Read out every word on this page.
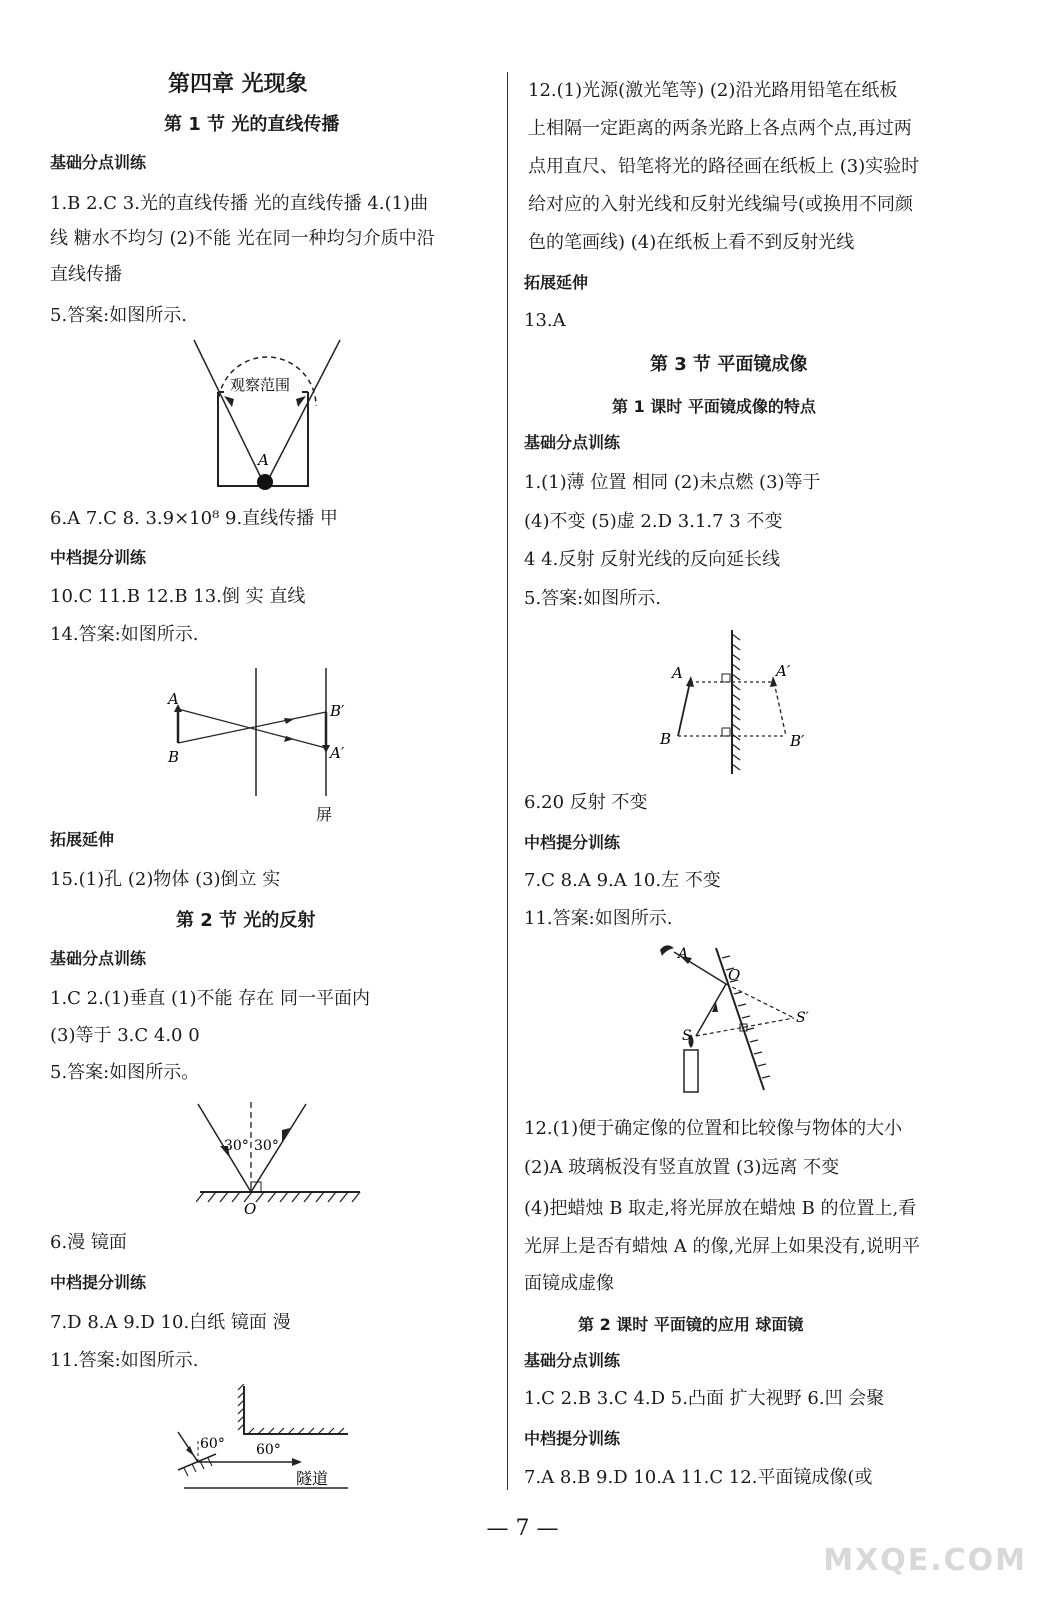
第四章 光现象
第 1 节 光的直线传播
基础分点训练
1.B 2.C 3.光的直线传播 光的直线传播 4.(1)曲
线 糖水不均匀 (2)不能 光在同一种均匀介质中沿
直线传播
5.答案:如图所示.
观察范围
A
6.A 7.C 8. 3.9×10⁸ 9.直线传播 甲
中档提分训练
10.C 11.B 12.B 13.倒 实 直线
14.答案:如图所示.
A
B
B′
A′
屏
拓展延伸
15.(1)孔 (2)物体 (3)倒立 实
第 2 节 光的反射
基础分点训练
1.C 2.(1)垂直 (1)不能 存在 同一平面内
(3)等于 3.C 4.0 0
5.答案:如图所示。
30° 30°
O
6.漫 镜面
中档提分训练
7.D 8.A 9.D 10.白纸 镜面 漫
11.答案:如图所示.
60° 60°
隧道
12.(1)光源(激光笔等) (2)沿光路用铅笔在纸板
上相隔一定距离的两条光路上各点两个点,再过两
点用直尺、铅笔将光的路径画在纸板上 (3)实验时
给对应的入射光线和反射光线编号(或换用不同颜
色的笔画线) (4)在纸板上看不到反射光线
拓展延伸
13.A
第 3 节 平面镜成像
第 1 课时 平面镜成像的特点
基础分点训练
1.(1)薄 位置 相同 (2)未点燃 (3)等于
(4)不变 (5)虚 2.D 3.1.7 3 不变
4 4.反射 反射光线的反向延长线
5.答案:如图所示.
A
B
A′
B′
6.20 反射 不变
中档提分训练
7.C 8.A 9.A 10.左 不变
11.答案:如图所示.
A
O
S
S′
12.(1)便于确定像的位置和比较像与物体的大小
(2)A 玻璃板没有竖直放置 (3)远离 不变
(4)把蜡烛 B 取走,将光屏放在蜡烛 B 的位置上,看
光屏上是否有蜡烛 A 的像,光屏上如果没有,说明平
面镜成虚像
第 2 课时 平面镜的应用 球面镜
基础分点训练
1.C 2.B 3.C 4.D 5.凸面 扩大视野 6.凹 会聚
中档提分训练
7.A 8.B 9.D 10.A 11.C 12.平面镜成像(或
— 7 —
MXQE.COM
